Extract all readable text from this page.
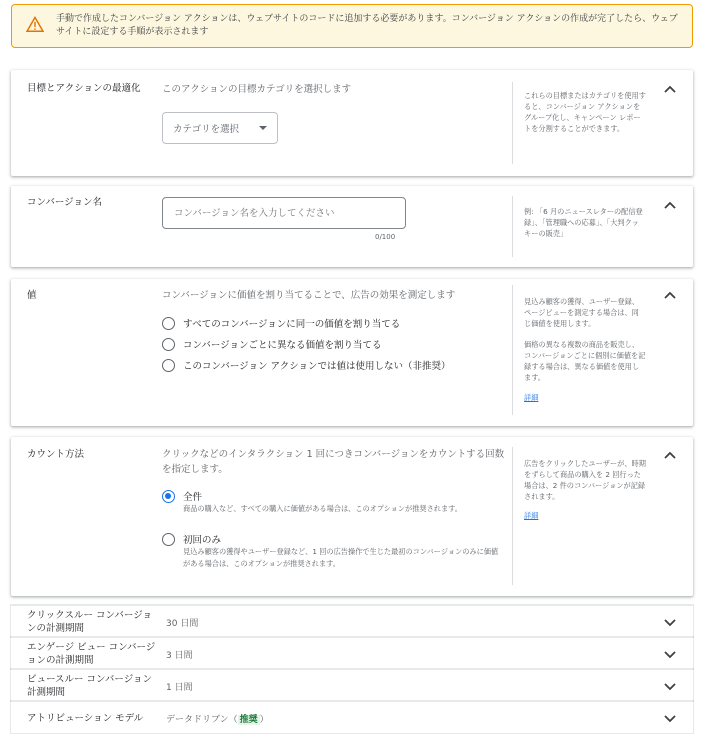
手動で作成したコンバージョン アクションは、ウェブサイトのコードに追加する必要があります。コンバージョン アクションの作成が完了したら、ウェブサイトに設定する手順が表示されます
目標とアクションの最適化 このアクションの目標カテゴリを選択します
カテゴリを選択
これらの目標またはカテゴリを使用すると、コンバージョン アクションをグループ化し、キャンペーン レポートを分割することができます。
コンバージョン名
コンバージョン名を入力してください
0/100
例: 「6 月のニュースレターの配信登録」、「管理職への応募」、「大判クッキーの販売」
値	コンバージョンに価値を割り当てることで、広告の効果を測定します
すべてのコンバージョンに同一の価値を割り当てる
コンバージョンごとに異なる価値を割り当てる
このコンバージョン アクションでは値は使用しない（非推奨）
見込み顧客の獲得、ユーザー登録、ページビューを測定する場合は、同じ価値を使用します。
価格の異なる複数の商品を販売し、コンバージョンごとに個別に価値を記録する場合は、異なる価値を使用します。
詳細
カウント方法	クリックなどのインタラクション 1 回につきコンバージョンをカウントする回数を指定します。
全件
商品の購入など、すべての購入に価値がある場合は、このオプションが推奨されます。
初回のみ
見込み顧客の獲得やユーザー登録など、1 回の広告操作で生じた最初のコンバージョンのみに価値がある場合は、このオプションが推奨されます。
広告をクリックしたユーザーが、時期をずらして商品の購入を 2 回行った場合は、2 件のコンバージョンが記録されます。
詳細
クリックスルー コンバージョンの計測期間	30 日間
エンゲージ ビュー コンバージョンの計測期間	3 日間
ビュースルー コンバージョン計測期間	1 日間
アトリビューション モデル	データドリブン（ 推奨 ）
